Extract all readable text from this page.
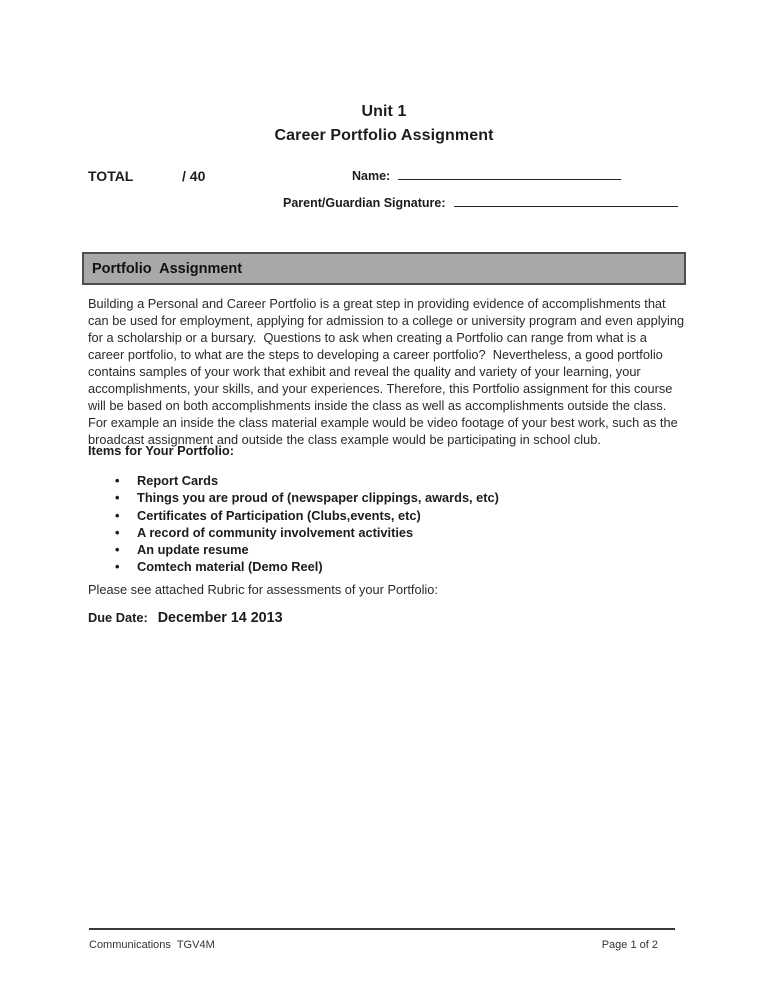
Unit 1
Career Portfolio Assignment
TOTAL	/ 40	Name:
Parent/Guardian Signature:
Portfolio  Assignment

Building a Personal and Career Portfolio is a great step in providing evidence of accomplishments that can be used for employment, applying for admission to a college or university program and even applying for a scholarship or a bursary.  Questions to ask when creating a Portfolio can range from what is a career portfolio, to what are the steps to developing a career portfolio?  Nevertheless, a good portfolio contains samples of your work that exhibit and reveal the quality and variety of your learning, your accomplishments, your skills, and your experiences. Therefore, this Portfolio assignment for this course will be based on both accomplishments inside the class as well as accomplishments outside the class. For example an inside the class material example would be video footage of your best work, such as the broadcast assignment and outside the class example would be participating in school club.

Items for Your Portfolio:
•	Report Cards
•	Things you are proud of (newspaper clippings, awards, etc)
•	Certificates of Participation (Clubs,events, etc)
•	A record of community involvement activities
•	An update resume
•	Comtech material (Demo Reel)

Please see attached Rubric for assessments of your Portfolio:

Due Date: December 14 2013
Communications  TGV4M	Page 1 of 2
